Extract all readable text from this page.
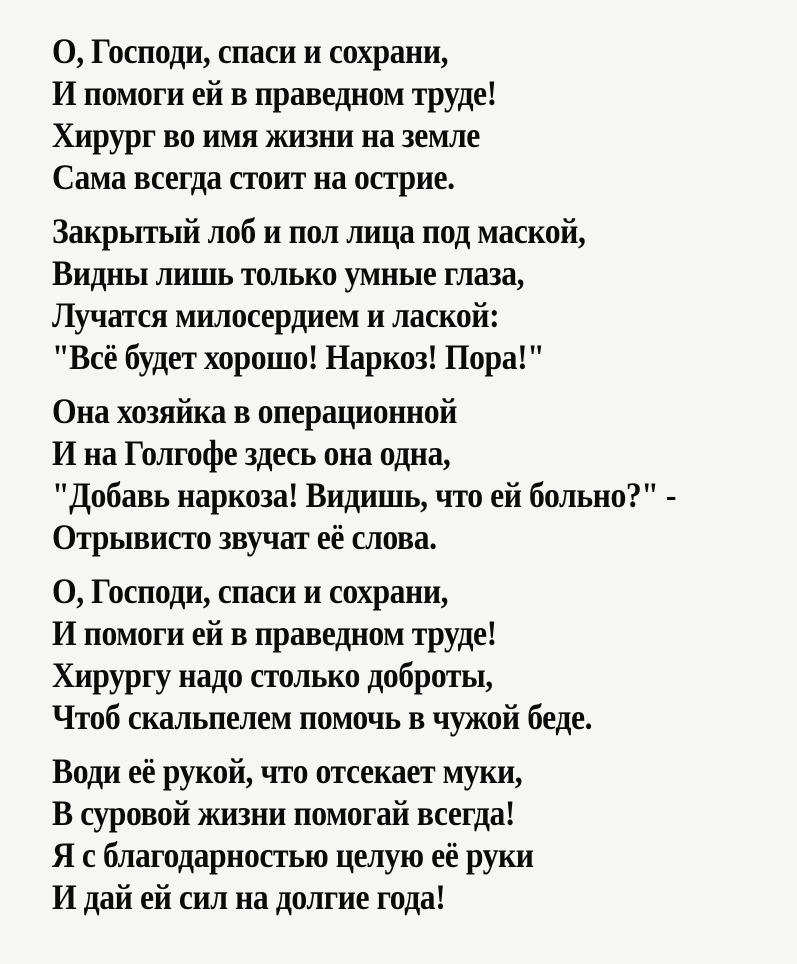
О, Господи, спаси и сохрани,

И помоги ей в праведном труде!

Хирург во имя жизни на земле

Сама всегда стоит на острие.

Закрытый лоб и пол лица под маской,

Видны лишь только умные глаза,

Лучатся милосердием и лаской:

"Всё будет хорошо! Наркоз! Пора!"

Она хозяйка в операционной

И на Голгофе здесь она одна,

"Добавь наркоза! Видишь, что ей больно?" -

Отрывисто звучат её слова.

О, Господи, спаси и сохрани,

И помоги ей в праведном труде!

Хирургу надо столько доброты,

Чтоб скальпелем помочь в чужой беде.

Води её рукой, что отсекает муки,

В суровой жизни помогай всегда!

Я с благодарностью целую её руки

И дай ей сил на долгие года!
